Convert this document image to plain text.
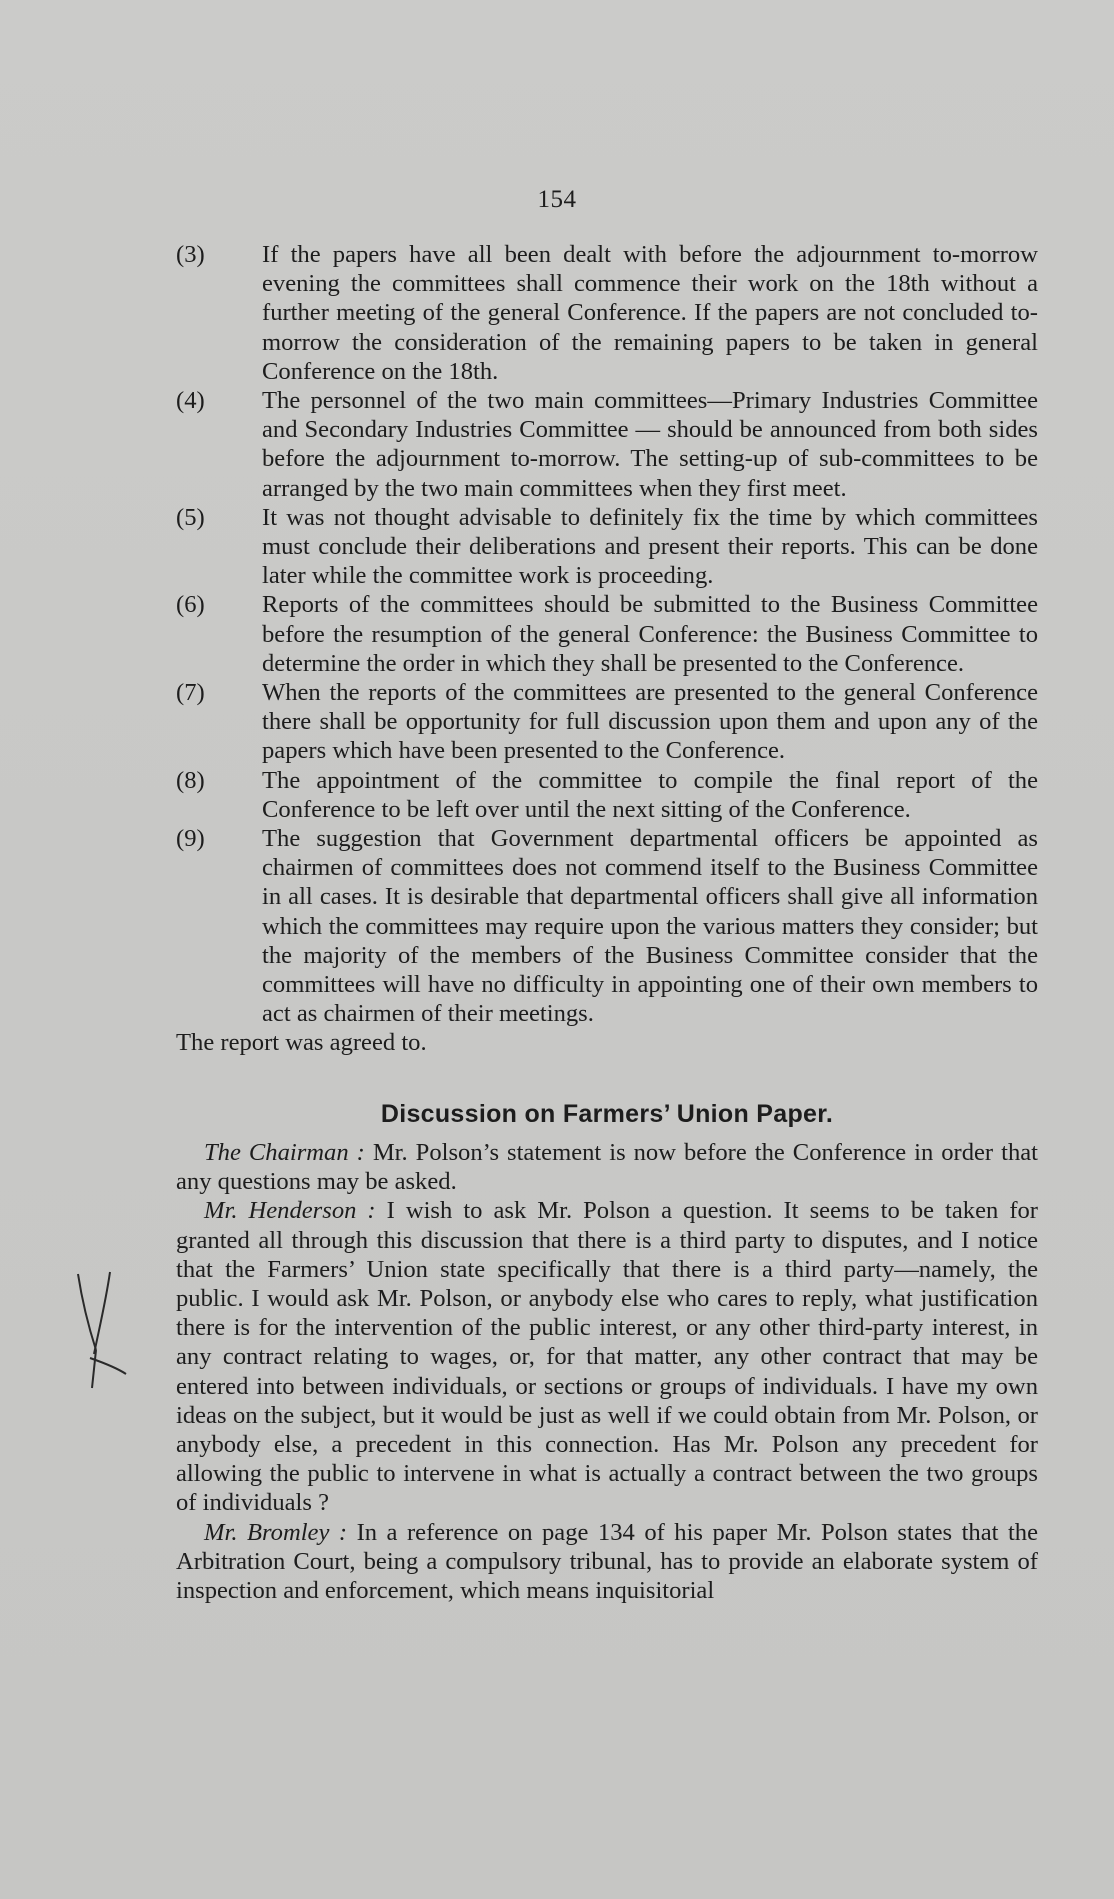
154
(3) If the papers have all been dealt with before the adjournment to-morrow evening the committees shall commence their work on the 18th without a further meeting of the general Conference. If the papers are not concluded to-morrow the consideration of the remaining papers to be taken in general Conference on the 18th.
(4) The personnel of the two main committees—Primary Industries Committee and Secondary Industries Committee — should be announced from both sides before the adjournment to-morrow. The setting-up of sub-committees to be arranged by the two main committees when they first meet.
(5) It was not thought advisable to definitely fix the time by which committees must conclude their deliberations and present their reports. This can be done later while the committee work is proceeding.
(6) Reports of the committees should be submitted to the Business Committee before the resumption of the general Conference: the Business Committee to determine the order in which they shall be presented to the Conference.
(7) When the reports of the committees are presented to the general Conference there shall be opportunity for full discussion upon them and upon any of the papers which have been presented to the Conference.
(8) The appointment of the committee to compile the final report of the Conference to be left over until the next sitting of the Conference.
(9) The suggestion that Government departmental officers be appointed as chairmen of committees does not commend itself to the Business Committee in all cases. It is desirable that departmental officers shall give all information which the committees may require upon the various matters they consider; but the majority of the members of the Business Committee consider that the committees will have no difficulty in appointing one of their own members to act as chairmen of their meetings.

The report was agreed to.

Discussion on Farmers’ Union Paper.

The Chairman : Mr. Polson’s statement is now before the Conference in order that any questions may be asked.

Mr. Henderson : I wish to ask Mr. Polson a question. It seems to be taken for granted all through this discussion that there is a third party to disputes, and I notice that the Farmers’ Union state specifically that there is a third party—namely, the public. I would ask Mr. Polson, or anybody else who cares to reply, what justification there is for the intervention of the public interest, or any other third-party interest, in any contract relating to wages, or, for that matter, any other contract that may be entered into between individuals, or sections or groups of individuals. I have my own ideas on the subject, but it would be just as well if we could obtain from Mr. Polson, or anybody else, a precedent in this connection. Has Mr. Polson any precedent for allowing the public to intervene in what is actually a contract between the two groups of individuals ?

Mr. Bromley : In a reference on page 134 of his paper Mr. Polson states that the Arbitration Court, being a compulsory tribunal, has to provide an elaborate system of inspection and enforcement, which means inquisitorial
